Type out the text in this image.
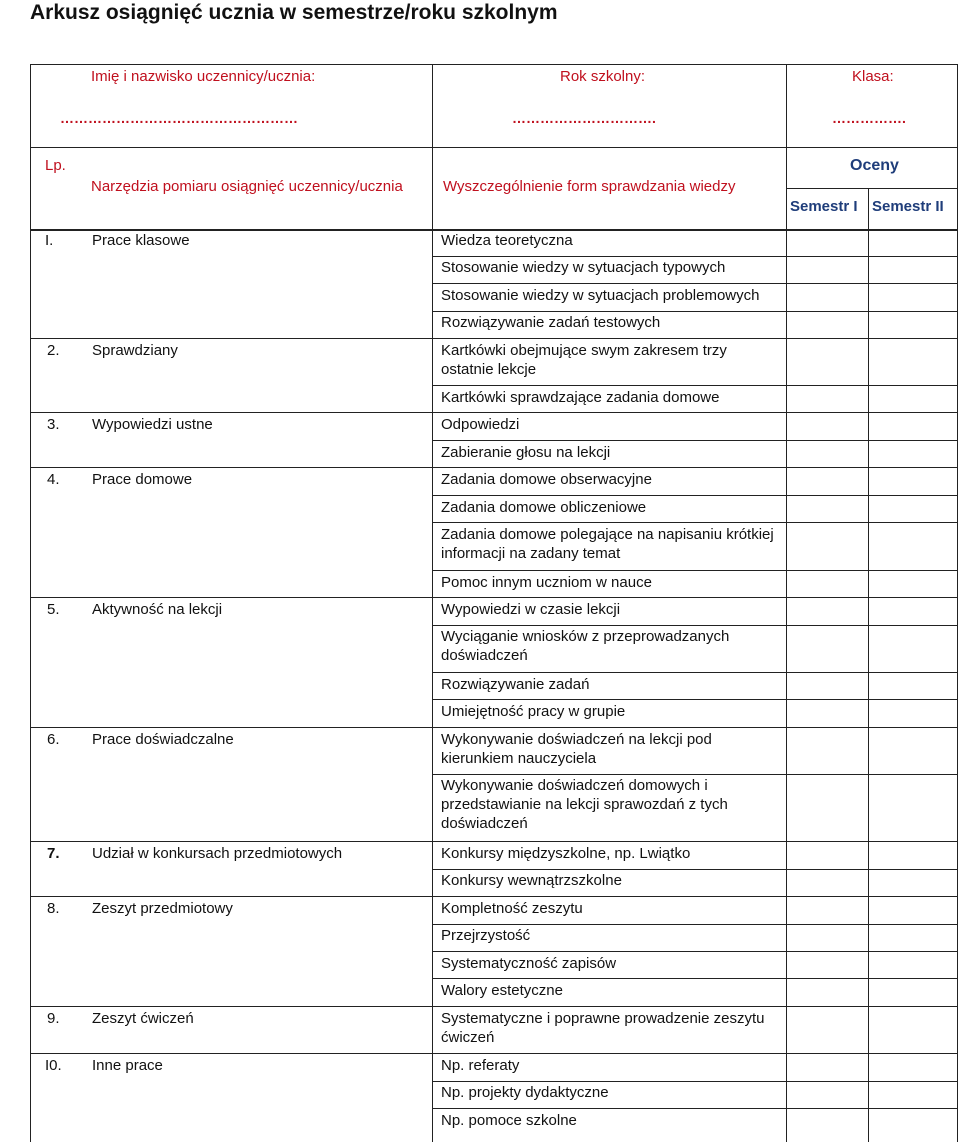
Arkusz osiągnięć ucznia w semestrze/roku szkolnym
Imię i nazwisko uczennicy/ucznia:
……………………………………………
Rok szkolny:
………………………….
Klasa:
…………….
Lp.
Narzędzia pomiaru osiągnięć uczennicy/ucznia	Wyszczególnienie form sprawdzania wiedzy
Oceny
Semestr I Semestr II
I.	Prace klasowe	Wiedza teoretyczna
Stosowanie wiedzy w sytuacjach typowych
Stosowanie wiedzy w sytuacjach problemowych
Rozwiązywanie zadań testowych
2. Sprawdziany	Kartkówki obejmujące swym zakresem trzy ostatnie lekcje
Kartkówki sprawdzające zadania domowe
3. Wypowiedzi ustne	Odpowiedzi
Zabieranie głosu na lekcji
4. Prace domowe	Zadania domowe obserwacyjne
Zadania domowe obliczeniowe
Zadania domowe polegające na napisaniu krótkiej informacji na zadany temat
Pomoc innym uczniom w nauce
5. Aktywność na lekcji	Wypowiedzi w czasie lekcji
Wyciąganie wniosków z przeprowadzanych doświadczeń
Rozwiązywanie zadań
Umiejętność pracy w grupie
6. Prace doświadczalne	Wykonywanie doświadczeń na lekcji pod kierunkiem nauczyciela
Wykonywanie doświadczeń domowych i przedstawianie na lekcji sprawozdań z tych doświadczeń
7. Udział w konkursach przedmiotowych	Konkursy międzyszkolne, np. Lwiątko
Konkursy wewnątrzszkolne
8. Zeszyt przedmiotowy	Kompletność zeszytu
Przejrzystość
Systematyczność zapisów
Walory estetyczne
9. Zeszyt ćwiczeń	Systematyczne i poprawne prowadzenie zeszytu ćwiczeń
I0. Inne prace	Np. referaty
Np. projekty dydaktyczne
Np. pomoce szkolne
